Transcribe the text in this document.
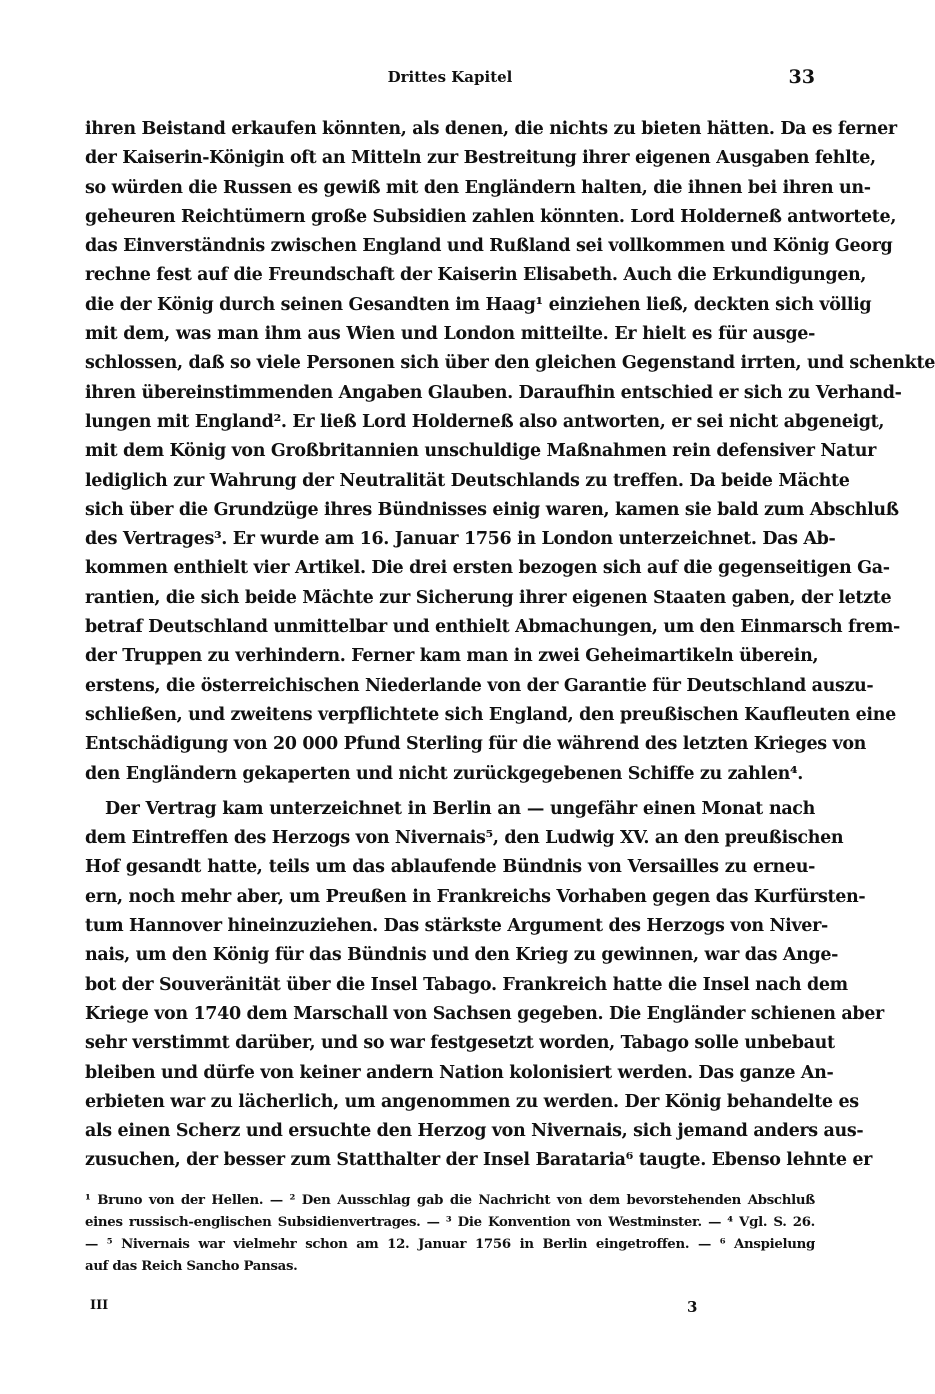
Drittes Kapitel	33
ihren Beistand erkaufen könnten, als denen, die nichts zu bieten hätten. Da es ferner
der Kaiserin-Königin oft an Mitteln zur Bestreitung ihrer eigenen Ausgaben fehlte,
so würden die Russen es gewiß mit den Engländern halten, die ihnen bei ihren un-
geheuren Reichtümern große Subsidien zahlen könnten. Lord Holderneß antwortete,
das Einverständnis zwischen England und Rußland sei vollkommen und König Georg
rechne fest auf die Freundschaft der Kaiserin Elisabeth. Auch die Erkundigungen,
die der König durch seinen Gesandten im Haag¹ einziehen ließ, deckten sich völlig
mit dem, was man ihm aus Wien und London mitteilte. Er hielt es für ausge-
schlossen, daß so viele Personen sich über den gleichen Gegenstand irrten, und schenkte
ihren übereinstimmenden Angaben Glauben. Daraufhin entschied er sich zu Verhand-
lungen mit England². Er ließ Lord Holderneß also antworten, er sei nicht abgeneigt,
mit dem König von Großbritannien unschuldige Maßnahmen rein defensiver Natur
lediglich zur Wahrung der Neutralität Deutschlands zu treffen. Da beide Mächte
sich über die Grundzüge ihres Bündnisses einig waren, kamen sie bald zum Abschluß
des Vertrages³. Er wurde am 16. Januar 1756 in London unterzeichnet. Das Ab-
kommen enthielt vier Artikel. Die drei ersten bezogen sich auf die gegenseitigen Ga-
rantien, die sich beide Mächte zur Sicherung ihrer eigenen Staaten gaben, der letzte
betraf Deutschland unmittelbar und enthielt Abmachungen, um den Einmarsch frem-
der Truppen zu verhindern. Ferner kam man in zwei Geheimartikeln überein,
erstens, die österreichischen Niederlande von der Garantie für Deutschland auszu-
schließen, und zweitens verpflichtete sich England, den preußischen Kaufleuten eine
Entschädigung von 20 000 Pfund Sterling für die während des letzten Krieges von
den Engländern gekaperten und nicht zurückgegebenen Schiffe zu zahlen⁴.
Der Vertrag kam unterzeichnet in Berlin an — ungefähr einen Monat nach
dem Eintreffen des Herzogs von Nivernais⁵, den Ludwig XV. an den preußischen
Hof gesandt hatte, teils um das ablaufende Bündnis von Versailles zu erneu-
ern, noch mehr aber, um Preußen in Frankreichs Vorhaben gegen das Kurfürsten-
tum Hannover hineinzuziehen. Das stärkste Argument des Herzogs von Niver-
nais, um den König für das Bündnis und den Krieg zu gewinnen, war das Ange-
bot der Souveränität über die Insel Tabago. Frankreich hatte die Insel nach dem
Kriege von 1740 dem Marschall von Sachsen gegeben. Die Engländer schienen aber
sehr verstimmt darüber, und so war festgesetzt worden, Tabago solle unbebaut
bleiben und dürfe von keiner andern Nation kolonisiert werden. Das ganze An-
erbieten war zu lächerlich, um angenommen zu werden. Der König behandelte es
als einen Scherz und ersuchte den Herzog von Nivernais, sich jemand anders aus-
zusuchen, der besser zum Statthalter der Insel Barataria⁶ taugte. Ebenso lehnte er
¹ Bruno von der Hellen. — ² Den Ausschlag gab die Nachricht von dem bevorstehenden Abschluß
eines russisch-englischen Subsidienvertrages. — ³ Die Konvention von Westminster. — ⁴ Vgl. S. 26.
— ⁵ Nivernais war vielmehr schon am 12. Januar 1756 in Berlin eingetroffen. — ⁶ Anspielung
auf das Reich Sancho Pansas.
III	3
